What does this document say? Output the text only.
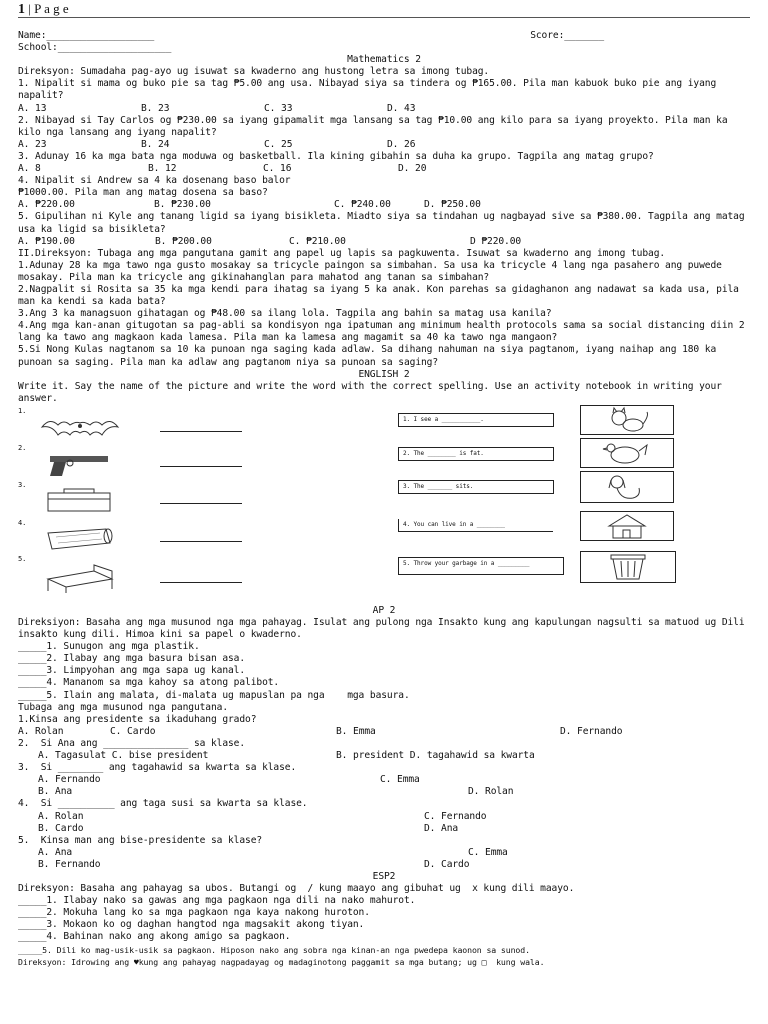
1 | P a g e
Name:___________________	Score:_______
School:____________________
Mathematics 2
Direksyon: Sumadaha pag-ayo ug isuwat sa kwaderno ang hustong letra sa imong tubag.
1. Nipalit si mama og buko pie sa tag ₱5.00 ang usa. Nibayad siya sa tindera og ₱165.00. Pila man kabuok buko pie ang iyang napalit?
A. 13	B. 23	C. 33	D. 43
2. Nibayad si Tay Carlos og ₱230.00 sa iyang gipamalit mga lansang sa tag ₱10.00 ang kilo para sa iyang proyekto. Pila man ka kilo nga lansang ang iyang napalit?
A. 23	B. 24	C. 25	D. 26
3. Adunay 16 ka mga bata nga moduwa og basketball. Ila kining gibahin sa duha ka grupo. Tagpila ang matag grupo?
A. 8	B. 12	C. 16	D. 20
4. Nipalit si Andrew sa 4 ka dosenang baso balor
₱1000.00. Pila man ang matag dosena sa baso?
A. ₱220.00	B. ₱230.00	C. ₱240.00	D. ₱250.00
5. Gipulihan ni Kyle ang tanang ligid sa iyang bisikleta. Miadto siya sa tindahan ug nagbayad sive sa ₱380.00. Tagpila ang matag usa ka ligid sa bisikleta?
A. ₱190.00	B. ₱200.00	C. ₱210.00	D ₱220.00
II.Direksyon: Tubaga ang mga pangutana gamit ang papel ug lapis sa pagkuwenta. Isuwat sa kwaderno ang imong tubag.
1.Adunay 28 ka mga tawo nga gusto mosakay sa tricycle paingon sa simbahan. Sa usa ka tricycle 4 lang nga pasahero ang puwede mosakay. Pila man ka tricycle ang gikinahanglan para mahatod ang tanan sa simbahan?
2.Nagpalit si Rosita sa 35 ka mga kendi para ihatag sa iyang 5 ka anak. Kon parehas sa gidaghanon ang nadawat sa kada usa, pila man ka kendi sa kada bata?
3.Ang 3 ka managsuon gihatagan og ₱48.00 sa ilang lola. Tagpila ang bahin sa matag usa kanila?
4.Ang mga kan-anan gitugotan sa pag-abli sa kondisyon nga ipatuman ang minimum health protocols sama sa social distancing diin 2 lang ka tawo ang magkaon kada lamesa. Pila man ka lamesa ang magamit sa 40 ka tawo nga mangaon?
5.Si Nong Kulas nagtanom sa 10 ka punoan nga saging kada adlaw. Sa dihang nahuman na siya pagtanom, iyang naihap ang 180 ka punoan sa saging. Pila man ka adlaw ang pagtanom niya sa punoan sa saging?
ENGLISH 2
Write it. Say the name of the picture and write the word with the correct spelling. Use an activity notebook in writing your answer.
1.
1. I see a ___________.
2.
2. The ________ is fat.
3.	3. The _______ sits.
4.	4. You can live in a ________
5.
5. Throw your garbage in a _________
AP 2
Direksiyon: Basaha ang mga musunod nga mga pahayag. Isulat ang pulong nga Insakto kung ang kapulungan nagsulti sa matuod ug Dili insakto kung dili. Himoa kini sa papel o kwaderno.
_____1. Sunugon ang mga plastik.
_____2. Ilabay ang mga basura bisan asa.
_____3. Limpyohan ang mga sapa ug kanal.
_____4. Mananom sa mga kahoy sa atong palibot.
_____5. Ilain ang malata, di-malata ug mapuslan pa nga    mga basura.
Tubaga ang mga musunod nga pangutana.
1.Kinsa ang presidente sa ikaduhang grado?
A. Rolan	C. Cardo	B. Emma	D. Fernando
2.  Si Ana ang _______________ sa klase.
A. Tagasulat C. bise president	B. president D. tagahawid sa kwarta
3.  Si ________ ang tagahawid sa kwarta sa klase.
A. Fernando	C. Emma
B. Ana	D. Rolan
4.  Si __________ ang taga susi sa kwarta sa klase.
A. Rolan	C. Fernando
B. Cardo	D. Ana
5.  Kinsa man ang bise-presidente sa klase?
A. Ana	C. Emma
B. Fernando	D. Cardo
ESP2
Direksyon: Basaha ang pahayag sa ubos. Butangi og  / kung maayo ang gibuhat ug  x kung dili maayo.
_____1. Ilabay nako sa gawas ang mga pagkaon nga dili na nako mahurot.
_____2. Mokuha lang ko sa mga pagkaon nga kaya nakong huroton.
_____3. Mokaon ko og daghan hangtod nga magsakit akong tiyan.
_____4. Bahinan nako ang akong amigo sa pagkaon.
_____5. Dili ko mag-usik-usik sa pagkaon. Hiposon nako ang sobra nga kinan-an nga pwedepa kaonon sa sunod.
Direksyon: Idrowing ang ♥kung ang pahayag nagpadayag og madaginotong paggamit sa mga butang; ug □  kung wala.
